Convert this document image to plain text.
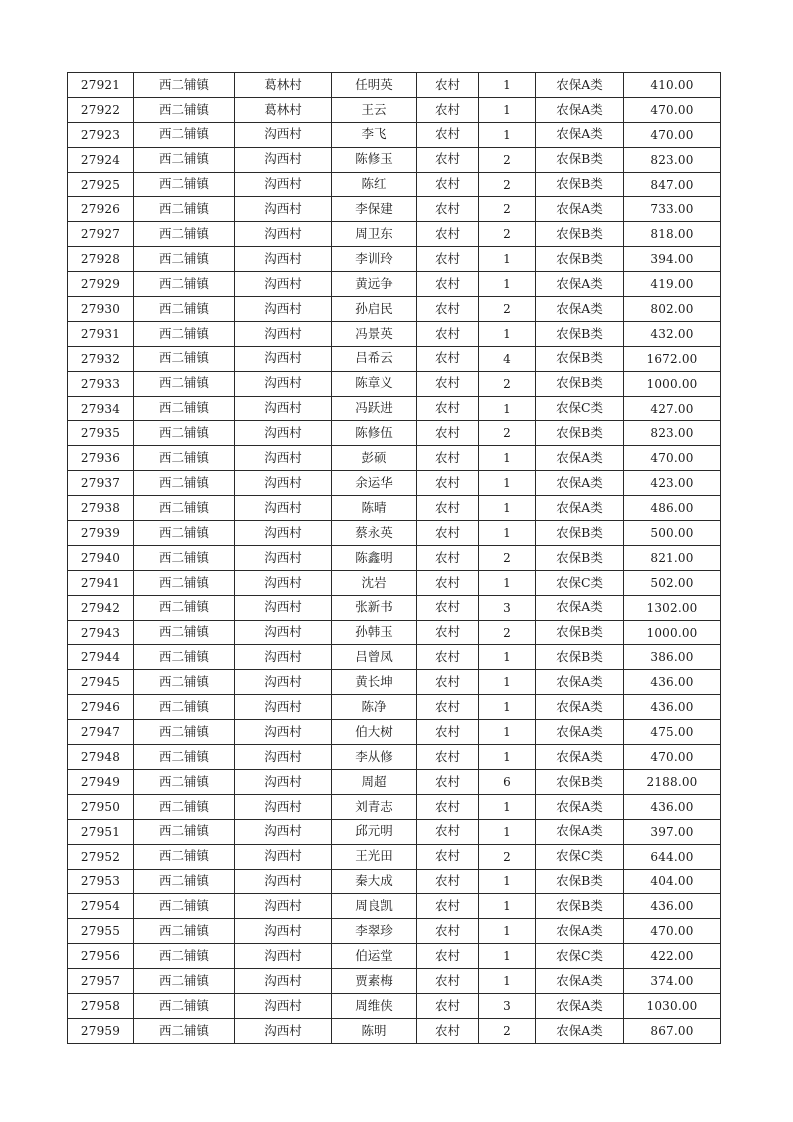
27921	西二铺镇	葛林村	任明英	农村	1	农保A类	410.00
27922	西二铺镇	葛林村	王云	农村	1	农保A类	470.00
27923	西二铺镇	沟西村	李飞	农村	1	农保A类	470.00
27924	西二铺镇	沟西村	陈修玉	农村	2	农保B类	823.00
27925	西二铺镇	沟西村	陈红	农村	2	农保B类	847.00
27926	西二铺镇	沟西村	李保建	农村	2	农保A类	733.00
27927	西二铺镇	沟西村	周卫东	农村	2	农保B类	818.00
27928	西二铺镇	沟西村	李训玲	农村	1	农保B类	394.00
27929	西二铺镇	沟西村	黄远争	农村	1	农保A类	419.00
27930	西二铺镇	沟西村	孙启民	农村	2	农保A类	802.00
27931	西二铺镇	沟西村	冯景英	农村	1	农保B类	432.00
27932	西二铺镇	沟西村	吕希云	农村	4	农保B类	1672.00
27933	西二铺镇	沟西村	陈章义	农村	2	农保B类	1000.00
27934	西二铺镇	沟西村	冯跃进	农村	1	农保C类	427.00
27935	西二铺镇	沟西村	陈修伍	农村	2	农保B类	823.00
27936	西二铺镇	沟西村	彭硕	农村	1	农保A类	470.00
27937	西二铺镇	沟西村	余运华	农村	1	农保A类	423.00
27938	西二铺镇	沟西村	陈晴	农村	1	农保A类	486.00
27939	西二铺镇	沟西村	蔡永英	农村	1	农保B类	500.00
27940	西二铺镇	沟西村	陈鑫明	农村	2	农保B类	821.00
27941	西二铺镇	沟西村	沈岩	农村	1	农保C类	502.00
27942	西二铺镇	沟西村	张新书	农村	3	农保A类	1302.00
27943	西二铺镇	沟西村	孙韩玉	农村	2	农保B类	1000.00
27944	西二铺镇	沟西村	吕曾凤	农村	1	农保B类	386.00
27945	西二铺镇	沟西村	黄长坤	农村	1	农保A类	436.00
27946	西二铺镇	沟西村	陈净	农村	1	农保A类	436.00
27947	西二铺镇	沟西村	伯大树	农村	1	农保A类	475.00
27948	西二铺镇	沟西村	李从修	农村	1	农保A类	470.00
27949	西二铺镇	沟西村	周超	农村	6	农保B类	2188.00
27950	西二铺镇	沟西村	刘青志	农村	1	农保A类	436.00
27951	西二铺镇	沟西村	邱元明	农村	1	农保A类	397.00
27952	西二铺镇	沟西村	王光田	农村	2	农保C类	644.00
27953	西二铺镇	沟西村	秦大成	农村	1	农保B类	404.00
27954	西二铺镇	沟西村	周良凯	农村	1	农保B类	436.00
27955	西二铺镇	沟西村	李翠珍	农村	1	农保A类	470.00
27956	西二铺镇	沟西村	伯运堂	农村	1	农保C类	422.00
27957	西二铺镇	沟西村	贾素梅	农村	1	农保A类	374.00
27958	西二铺镇	沟西村	周维侠	农村	3	农保A类	1030.00
27959	西二铺镇	沟西村	陈明	农村	2	农保A类	867.00
